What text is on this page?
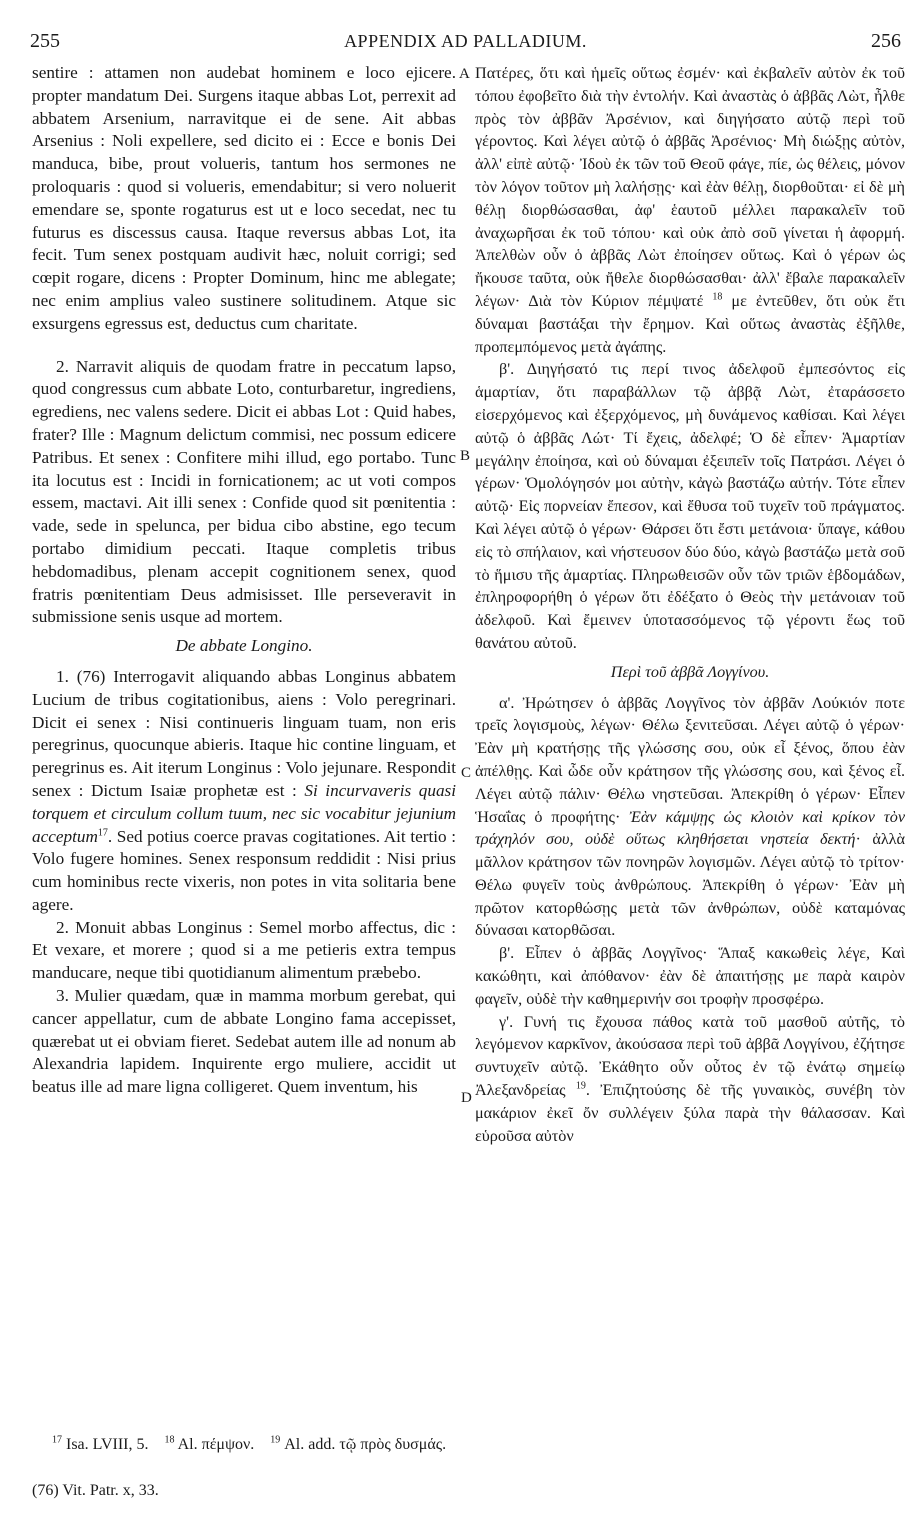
255	APPENDIX AD PALLADIUM.	256

sentire : attamen non audebat hominem e loco ejicere. propter mandatum Dei. Surgens itaque abbas Lot, perrexit ad abbatem Arsenium, narravitque ei de sene. Ait abbas Arsenius : Noli expellere, sed dicito ei : Ecce e bonis Dei manduca, bibe, prout volueris, tantum hos sermones ne proloquaris : quod si volueris, emendabitur; si vero noluerit emendare se, sponte rogaturus est ut e loco secedat, nec tu futurus es discessus causa. Itaque reversus abbas Lot, ita fecit. Tum senex postquam audivit hæc, noluit corrigi; sed cœpit rogare, dicens : Propter Dominum, hinc me ablegate; nec enim amplius valeo sustinere solitudinem. Atque sic exsurgens egressus est, deductus cum charitate.

2. Narravit aliquis de quodam fratre in peccatum lapso, quod congressus cum abbate Loto, conturbaretur, ingrediens, egrediens, nec valens sedere. Dicit ei abbas Lot : Quid habes, frater? Ille : Magnum delictum commisi, nec possum edicere Patribus. Et senex : Confitere mihi illud, ego portabo. Tunc ita locutus est : Incidi in fornicationem; ac ut voti compos essem, mactavi. Ait illi senex : Confide quod sit pœnitentia : vade, sede in spelunca, per bidua cibo abstine, ego tecum portabo dimidium peccati. Itaque completis tribus hebdomadibus, plenam accepit cognitionem senex, quod fratris pœnitentiam Deus admisisset. Ille perseveravit in submissione senis usque ad mortem.

De abbate Longino.

1. (76) Interrogavit aliquando abbas Longinus abbatem Lucium de tribus cogitationibus, aiens : Volo peregrinari. Dicit ei senex : Nisi continueris linguam tuam, non eris peregrinus, quocunque abieris. Itaque hic contine linguam, et peregrinus es. Ait iterum Longinus : Volo jejunare. Respondit senex : Dictum Isaiæ prophetæ est : Si incurvaveris quasi torquem et circulum collum tuum, nec sic vocabitur jejunium acceptum$^{17}$. Sed potius coerce pravas cogitationes. Ait tertio : Volo fugere homines. Senex responsum reddidit : Nisi prius cum hominibus recte vixeris, non potes in vita solitaria bene agere.

2. Monuit abbas Longinus : Semel morbo affectus, dic : Et vexare, et morere ; quod si a me petieris extra tempus manducare, neque tibi quotidianum alimentum præbebo.

3. Mulier quædam, quæ in mamma morbum gerebat, qui cancer appellatur, cum de abbate Longino fama accepisset, quærebat ut ei obviam fieret. Sedebat autem ille ad nonum ab Alexandria lapidem. Inquirente ergo muliere, accidit ut beatus ille ad mare ligna colligeret. Quem inventum, his

A
B
C
D

Πατέρες, ὅτι καὶ ἡμεῖς οὕτως ἐσμέν· καὶ ἐκβαλεῖν αὐτὸν ἐκ τοῦ τόπου ἐφοβεῖτο διὰ τὴν ἐντολήν. Καὶ ἀναστὰς ὁ ἀββᾶς Λὼτ, ἦλθε πρὸς τὸν ἀββᾶν Ἀρσένιον, καὶ διηγήσατο αὐτῷ περὶ τοῦ γέροντος. Καὶ λέγει αὐτῷ ὁ ἀββᾶς Ἀρσένιος· Μὴ διώξῃς αὐτὸν, ἀλλ' εἰπὲ αὐτῷ· Ἰδοὺ ἐκ τῶν τοῦ Θεοῦ φάγε, πίε, ὡς θέλεις, μόνον τὸν λόγον τοῦτον μὴ λαλήσῃς· καὶ ἐὰν θέλῃ, διορθοῦται· εἰ δὲ μὴ θέλῃ διορθώσασθαι, ἀφ' ἑαυτοῦ μέλλει παρακαλεῖν τοῦ ἀναχωρῆσαι ἐκ τοῦ τόπου· καὶ οὐκ ἀπὸ σοῦ γίνεται ἡ ἀφορμή. Ἀπελθὼν οὖν ὁ ἀββᾶς Λὼτ ἐποίησεν οὕτως. Καὶ ὁ γέρων ὡς ἤκουσε ταῦτα, οὐκ ἤθελε διορθώσασθαι· ἀλλ' ἔβαλε παρακαλεῖν λέγων· Διὰ τὸν Κύριον πέμψατέ $^{18}$ με ἐντεῦθεν, ὅτι οὐκ ἔτι δύναμαι βαστάξαι τὴν ἔρημον. Καὶ οὕτως ἀναστὰς ἐξῆλθε, προπεμπόμενος μετὰ ἀγάπης.

β'. Διηγήσατό τις περί τινος ἀδελφοῦ ἐμπεσόντος εἰς ἁμαρτίαν, ὅτι παραβάλλων τῷ ἀββᾷ Λὼτ, ἐταράσσετο εἰσερχόμενος καὶ ἐξερχόμενος, μὴ δυνάμενος καθίσαι. Καὶ λέγει αὐτῷ ὁ ἀββᾶς Λώτ· Τί ἔχεις, ἀδελφέ; Ὁ δὲ εἶπεν· Ἁμαρτίαν μεγάλην ἐποίησα, καὶ οὐ δύναμαι ἐξειπεῖν τοῖς Πατράσι. Λέγει ὁ γέρων· Ὁμολόγησόν μοι αὐτὴν, κἀγὼ βαστάζω αὐτήν. Τότε εἶπεν αὐτῷ· Εἰς πορνείαν ἔπεσον, καὶ ἔθυσα τοῦ τυχεῖν τοῦ πράγματος. Καὶ λέγει αὐτῷ ὁ γέρων· Θάρσει ὅτι ἔστι μετάνοια· ὕπαγε, κάθου εἰς τὸ σπήλαιον, καὶ νήστευσον δύο δύο, κἀγὼ βαστάζω μετὰ σοῦ τὸ ἥμισυ τῆς ἁμαρτίας. Πληρωθεισῶν οὖν τῶν τριῶν ἑβδομάδων, ἐπληροφορήθη ὁ γέρων ὅτι ἐδέξατο ὁ Θεὸς τὴν μετάνοιαν τοῦ ἀδελφοῦ. Καὶ ἔμεινεν ὑποτασσόμενος τῷ γέροντι ἕως τοῦ θανάτου αὐτοῦ.

Περὶ τοῦ ἀββᾶ Λογγίνου.

α'. Ἠρώτησεν ὁ ἀββᾶς Λογγῖνος τὸν ἀββᾶν Λούκιόν ποτε τρεῖς λογισμοὺς, λέγων· Θέλω ξενιτεῦσαι. Λέγει αὐτῷ ὁ γέρων· Ἐὰν μὴ κρατήσῃς τῆς γλώσσης σου, οὐκ εἶ ξένος, ὅπου ἐὰν ἀπέλθῃς. Καὶ ὧδε οὖν κράτησον τῆς γλώσσης σου, καὶ ξένος εἶ. Λέγει αὐτῷ πάλιν· Θέλω νηστεῦσαι. Ἀπεκρίθη ὁ γέρων· Εἶπεν Ἡσαΐας ὁ προφήτης· Ἐὰν κάμψῃς ὡς κλοιὸν καὶ κρίκον τὸν τράχηλόν σου, οὐδὲ οὕτως κληθήσεται νηστεία δεκτή· ἀλλὰ μᾶλλον κράτησον τῶν πονηρῶν λογισμῶν. Λέγει αὐτῷ τὸ τρίτον· Θέλω φυγεῖν τοὺς ἀνθρώπους. Ἀπεκρίθη ὁ γέρων· Ἐὰν μὴ πρῶτον κατορθώσῃς μετὰ τῶν ἀνθρώπων, οὐδὲ καταμόνας δύνασαι κατορθῶσαι.

β'. Εἶπεν ὁ ἀββᾶς Λογγῖνος· Ἅπαξ κακωθεὶς λέγε, Καὶ κακώθητι, καὶ ἀπόθανον· ἐὰν δὲ ἀπαιτήσῃς με παρὰ καιρὸν φαγεῖν, οὐδὲ τὴν καθημερινήν σοι τροφὴν προσφέρω.

γ'. Γυνή τις ἔχουσα πάθος κατὰ τοῦ μασθοῦ αὐτῆς, τὸ λεγόμενον καρκῖνον, ἀκούσασα περὶ τοῦ ἀββᾶ Λογγίνου, ἐζήτησε συντυχεῖν αὐτῷ. Ἐκάθητο οὖν οὗτος ἐν τῷ ἐνάτῳ σημείῳ Ἀλεξανδρείας $^{19}$. Ἐπιζητούσης δὲ τῆς γυναικὸς, συνέβη τὸν μακάριον ἐκεῖ ὄν συλλέγειν ξύλα παρὰ τὴν θάλασσαν. Καὶ εὑροῦσα αὐτὸν

$^{17}$ Isa. LVIII, 5. $^{18}$ Al. πέμψον. $^{19}$ Al. add. τῷ πρὸς δυσμάς.
(76) Vit. Patr. x, 33.
